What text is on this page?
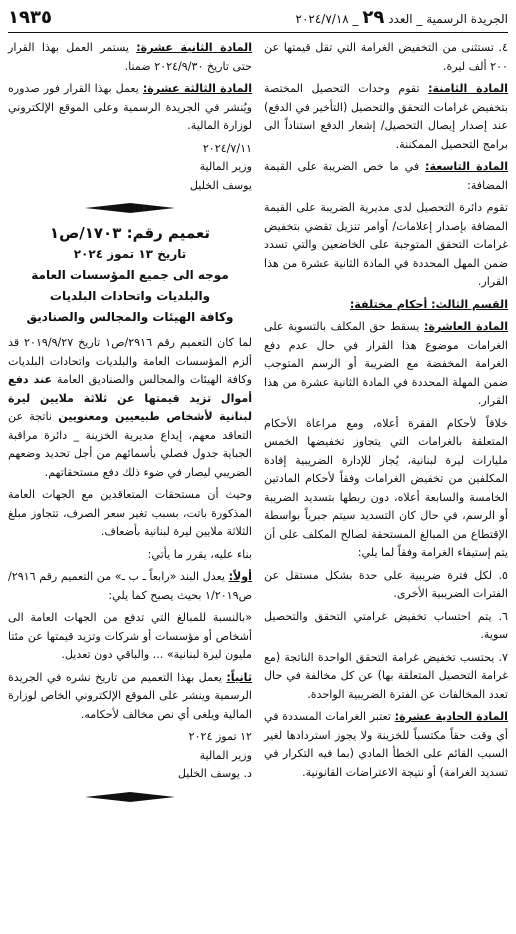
الجريدة الرسمية _ العدد ٢٩ _ ٢٠٢٤/٧/١٨
١٩٣٥

٤. تستثنى من التخفيض الغرامة التي تقل قيمتها عن ٢٠٠ ألف ليرة.

المادة الثامنة: تقوم وحدات التحصيل المختصة بتخفيض غرامات التحقق والتحصيل (التأخير في الدفع) عند إصدار إيصال التحصيل/ إشعار الدفع استناداً الى برامج التحصيل الممكننة.

المادة التاسعة: في ما خص الضريبة على القيمة المضافة:

تقوم دائرة التحصيل لدى مديرية الضريبة على القيمة المضافة بإصدار إعلامات/ أوامر تنزيل تقضي بتخفيض غرامات التحقق المتوجبة على الخاضعين والتي تسدد ضمن المهل المحددة في المادة الثانية عشرة من هذا القرار.

القسم الثالث: أحكام مختلفة:

المادة العاشرة: يسقط حق المكلف بالتسوية على الغرامات موضوع هذا القرار في حال عدم دفع الغرامة المخفضة مع الضريبة أو الرسم المتوجب ضمن المهلة المحددة في المادة الثانية عشرة من هذا القرار.

خلافاً لأحكام الفقرة أعلاه، ومع مراعاة الأحكام المتعلقة بالغرامات التي يتجاوز تخفيضها الخمس مليارات ليرة لبنانية، يُجاز للإدارة الضريبية إفادة المكلفين من تخفيض الغرامات وفقاً لأحكام المادتين الخامسة والسابعة أعلاه، دون ربطها بتسديد الضريبة أو الرسم، في حال كان التسديد سيتم جبرياً بواسطة الإقتطاع من المبالغ المستحقة لصالح المكلف على أن يتم إستيفاء الغرامة وفقاً لما يلي:

٥. لكل فترة ضريبية على حدة بشكل مستقل عن الفترات الضريبية الأخرى.

٦. يتم احتساب تخفيض غرامتي التحقق والتحصيل سوية.

٧. يحتسب تخفيض غرامة التحقق الواحدة الناتجة (مع غرامة التحصيل المتعلقة بها) عن كل مخالفة في حال تعدد المخالفات عن الفترة الضريبية الواحدة.

المادة الحادية عشرة: تعتبر الغرامات المسددة في أي وقت حقاً مكتسباً للخزينة ولا يجوز استردادها لغير السبب القائم على الخطأ المادي (بما فيه التكرار في تسديد الغرامة) أو نتيجة الاعتراضات القانونية.

المادة الثانية عشرة: يستمر العمل بهذا القرار حتى تاريخ ٢٠٢٤/٩/٣٠ ضمنا.

المادة الثالثة عشرة: يعمل بهذا القرار فور صدوره ويُنشر في الجريدة الرسمية وعلى الموقع الإلكتروني لوزارة المالية.

٢٠٢٤/٧/١١
وزير المالية
يوسف الخليل
تعميم رقم: ١٧٠٣/ص١
تاريخ ١٣ تموز ٢٠٢٤
موجه الى جميع المؤسسات العامة
والبلديات واتحادات البلديات
وكافة الهيئات والمجالس والصناديق

لما كان التعميم رقم ٢٩١٦/ص١ تاريخ ٢٠١٩/٩/٢٧ قد ألزم المؤسسات العامة والبلديات واتحادات البلديات وكافة الهيئات والمجالس والصناديق العامة عند دفع أموال تزيد قيمتها عن ثلاثة ملايين ليرة لبنانية لأشخاص طبيعيين ومعنويين ناتجة عن التعاقد معهم، إيداع مديرية الخزينة _ دائرة مراقبة الجباية جدول فصلي بأسمائهم من أجل تحديد وضعهم الضريبي ليصار في ضوء ذلك دفع مستحقاتهم.

وحيث أن مستحقات المتعاقدين مع الجهات العامة المذكورة باتت، بسبب تغير سعر الصرف، تتجاوز مبلغ الثلاثة ملايين ليرة لبنانية بأضعاف.

بناء عليه، يقرر ما يأتي:

أولاً: يعدل البند «رابعاً ـ ب ـ» من التعميم رقم ٢٩١٦/ص١/٢٠١٩ بحيث يصبح كما يلي:

«بالنسبة للمبالغ التي تدفع من الجهات العامة الى أشخاص أو مؤسسات أو شركات وتزيد قيمتها عن مئتا مليون ليرة لبنانية» ... والباقي دون تعديل.

ثانياً: يعمل بهذا التعميم من تاريخ نشره في الجريدة الرسمية وينشر على الموقع الإلكتروني الخاص لوزارة المالية ويلغى أي نص مخالف لأحكامه.

١٢ تموز ٢٠٢٤
وزير المالية
د. يوسف الخليل
